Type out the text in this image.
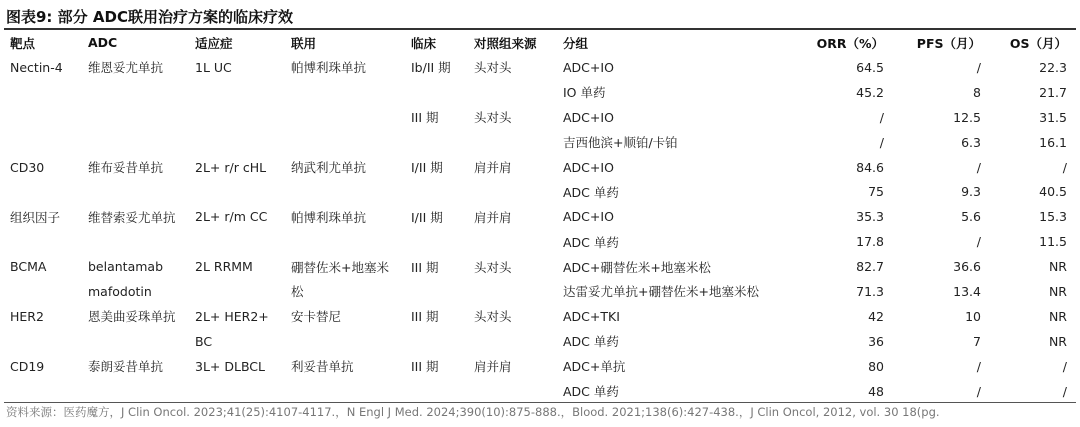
图表9: 部分 ADC联用治疗方案的临床疗效
靶点	ADC	适应症	联用	临床	对照组来源	分组	ORR（%）	PFS（月）	OS（月）
Nectin-4	维恩妥尤单抗	1L UC	帕博利珠单抗	Ib/II 期	头对头	ADC+IO	64.5	/	22.3
						IO 单药	45.2	8	21.7
				III 期	头对头	ADC+IO	/	12.5	31.5
						吉西他滨+顺铂/卡铂	/	6.3	16.1
CD30	维布妥昔单抗	2L+ r/r cHL	纳武利尤单抗	I/II 期	肩并肩	ADC+IO	84.6	/	/
						ADC 单药	75	9.3	40.5
组织因子	维替索妥尤单抗	2L+ r/m CC	帕博利珠单抗	I/II 期	肩并肩	ADC+IO	35.3	5.6	15.3
						ADC 单药	17.8	/	11.5
BCMA	belantamab	2L RRMM	硼替佐米+地塞米	III 期	头对头	ADC+硼替佐米+地塞米松	82.7	36.6	NR
	mafodotin		松			达雷妥尤单抗+硼替佐米+地塞米松	71.3	13.4	NR
HER2	恩美曲妥珠单抗	2L+ HER2+	安卡替尼	III 期	头对头	ADC+TKI	42	10	NR
		BC				ADC 单药	36	7	NR
CD19	泰朗妥昔单抗	3L+ DLBCL	利妥昔单抗	III 期	肩并肩	ADC+单抗	80	/	/
						ADC 单药	48	/	/
资料来源：医药魔方，J Clin Oncol. 2023;41(25):4107-4117.，N Engl J Med. 2024;390(10):875-888.，Blood. 2021;138(6):427-438.，J Clin Oncol, 2012, vol. 30 18(pg.
